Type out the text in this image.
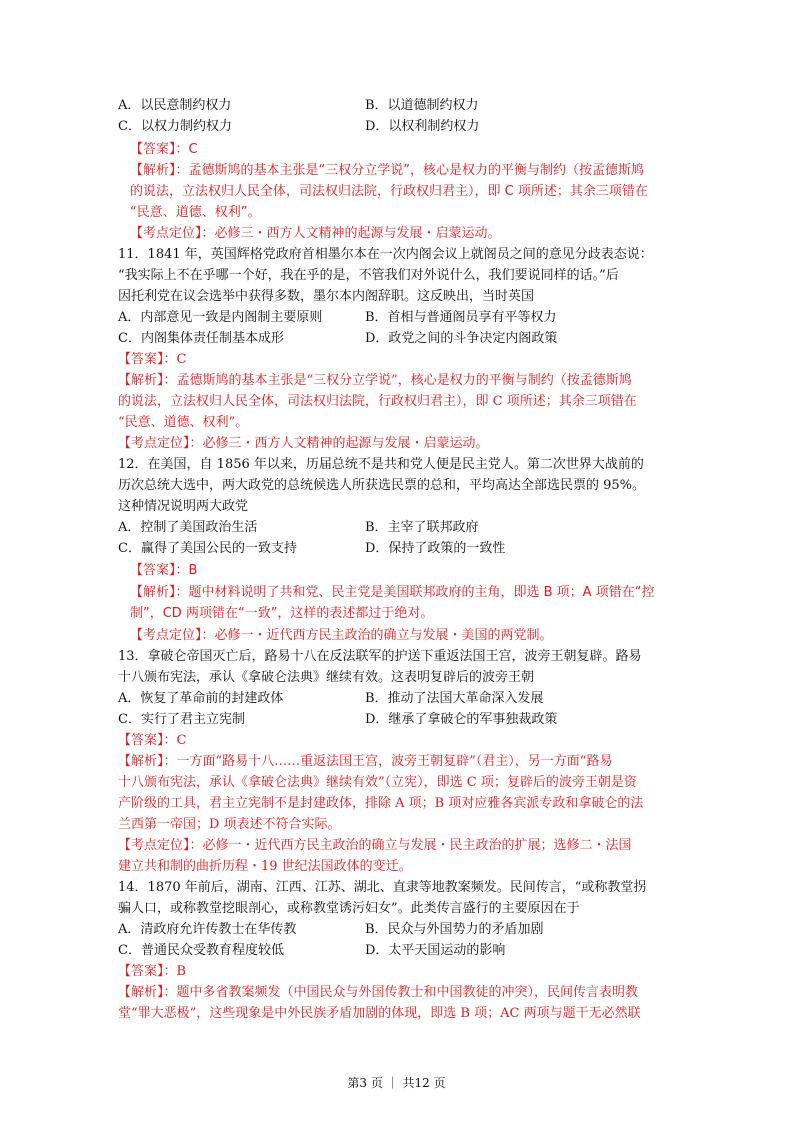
A．以民意制约权力	B．以道德制约权力
C．以权力制约权力	D．以权利制约权力
【答案】：C
【解析】：孟德斯鸠的基本主张是“三权分立学说”，核心是权力的平衡与制约（按孟德斯鸠
的说法，立法权归人民全体，司法权归法院，行政权归君主），即 C 项所述；其余三项错在
“民意、道德、权利”。
【考点定位】：必修三・西方人文精神的起源与发展・启蒙运动。
11．1841 年，英国辉格党政府首相墨尔本在一次内阁会议上就阁员之间的意见分歧表态说：
“我实际上不在乎哪一个好，我在乎的是，不管我们对外说什么，我们要说同样的话。”后
因托利党在议会选举中获得多数，墨尔本内阁辞职。这反映出，当时英国
A．内部意见一致是内阁制主要原则	B．首相与普通阁员享有平等权力
C．内阁集体责任制基本成形	D．政党之间的斗争决定内阁政策
【答案】：C
【解析】：孟德斯鸠的基本主张是“三权分立学说”，核心是权力的平衡与制约（按孟德斯鸠
的说法，立法权归人民全体，司法权归法院，行政权归君主），即 C 项所述；其余三项错在
“民意、道德、权利”。
【考点定位】：必修三・西方人文精神的起源与发展・启蒙运动。
12．在美国，自 1856 年以来，历届总统不是共和党人便是民主党人。第二次世界大战前的
历次总统大选中，两大政党的总统候选人所获选民票的总和，平均高达全部选民票的 95%。
这种情况说明两大政党
A．控制了美国政治生活	B．主宰了联邦政府
C．赢得了美国公民的一致支持	D．保持了政策的一致性
【答案】：B
【解析】：题中材料说明了共和党、民主党是美国联邦政府的主角，即选 B 项；A 项错在“控
制”，CD 两项错在“一致”，这样的表述都过于绝对。
【考点定位】：必修一・近代西方民主政治的确立与发展・美国的两党制。
13．拿破仑帝国灭亡后，路易十八在反法联军的护送下重返法国王宫，波旁王朝复辟。路易
十八颁布宪法，承认《拿破仑法典》继续有效。这表明复辟后的波旁王朝
A．恢复了革命前的封建政体	B．推动了法国大革命深入发展
C．实行了君主立宪制	D．继承了拿破仑的军事独裁政策
【答案】：C
【解析】：一方面“路易十八……重返法国王宫，波旁王朝复辟”（君主），另一方面“路易
十八颁布宪法，承认《拿破仑法典》继续有效”（立宪），即选 C 项；复辟后的波旁王朝是资
产阶级的工具，君主立宪制不是封建政体，排除 A 项；B 项对应雅各宾派专政和拿破仑的法
兰西第一帝国；D 项表述不符合实际。
【考点定位】：必修一・近代西方民主政治的确立与发展・民主政治的扩展；选修二・法国
建立共和制的曲折历程・19 世纪法国政体的变迁。
14．1870 年前后，湖南、江西、江苏、湖北、直隶等地教案频发。民间传言，“或称教堂拐
骗人口，或称教堂挖眼剖心，或称教堂诱污妇女”。此类传言盛行的主要原因在于
A．清政府允许传教士在华传教	B．民众与外国势力的矛盾加剧
C．普通民众受教育程度较低	D．太平天国运动的影响
【答案】：B
【解析】：题中多省教案频发（中国民众与外国传教士和中国教徒的冲突），民间传言表明教
堂“罪大恶极”，这些现象是中外民族矛盾加剧的体现，即选 B 项；AC 两项与题干无必然联
第3 页 ｜ 共12 页
